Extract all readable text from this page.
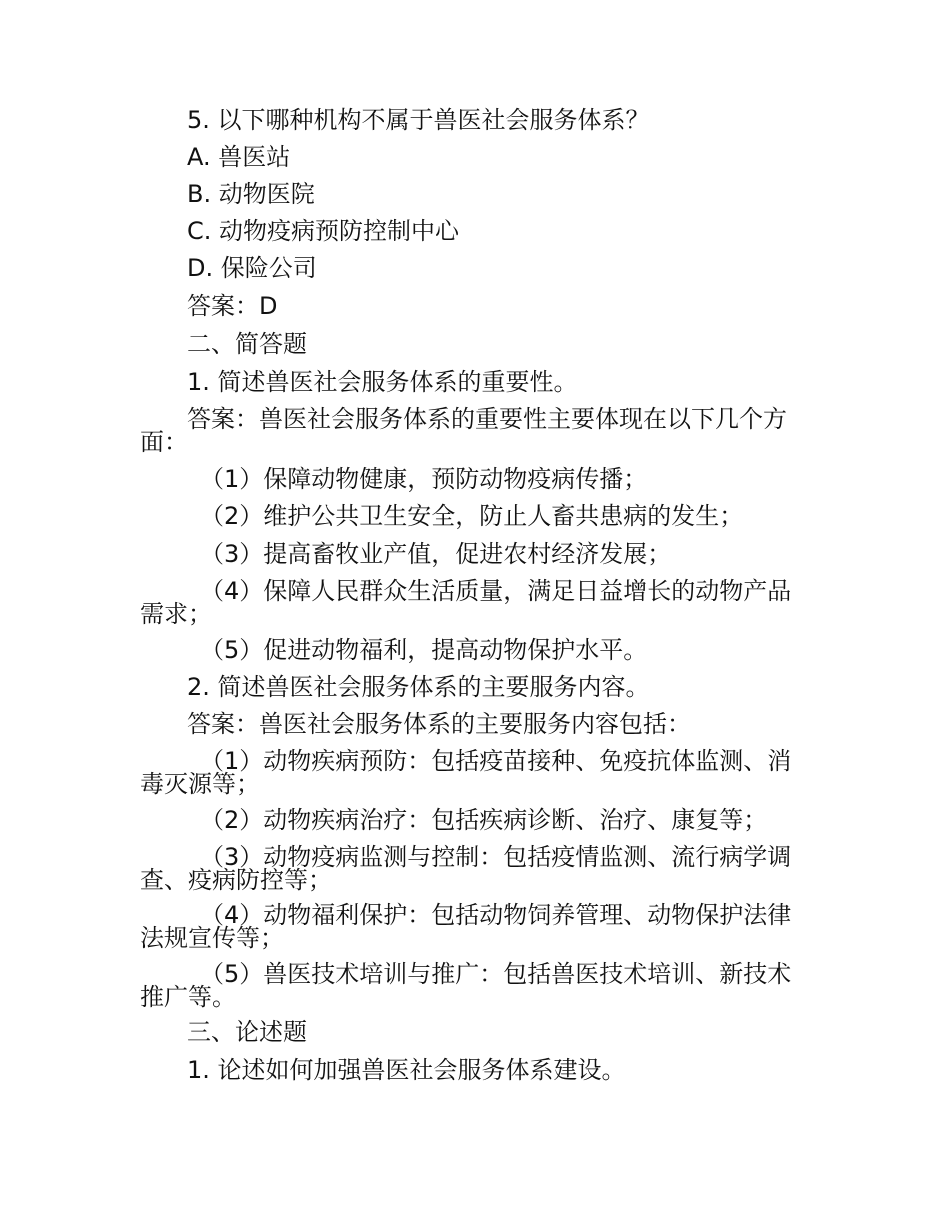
5. 以下哪种机构不属于兽医社会服务体系？

A. 兽医站

B. 动物医院

C. 动物疫病预防控制中心

D. 保险公司

答案：D

二、简答题

1. 简述兽医社会服务体系的重要性。

答案：兽医社会服务体系的重要性主要体现在以下几个方

面：

（1）保障动物健康，预防动物疫病传播；

（2）维护公共卫生安全，防止人畜共患病的发生；

（3）提高畜牧业产值，促进农村经济发展；

（4）保障人民群众生活质量，满足日益增长的动物产品

需求；

（5）促进动物福利，提高动物保护水平。

2. 简述兽医社会服务体系的主要服务内容。

答案：兽医社会服务体系的主要服务内容包括：

（1）动物疾病预防：包括疫苗接种、免疫抗体监测、消

毒灭源等；

（2）动物疾病治疗：包括疾病诊断、治疗、康复等；

（3）动物疫病监测与控制：包括疫情监测、流行病学调

查、疫病防控等；

（4）动物福利保护：包括动物饲养管理、动物保护法律

法规宣传等；

（5）兽医技术培训与推广：包括兽医技术培训、新技术

推广等。

三、论述题

1. 论述如何加强兽医社会服务体系建设。
